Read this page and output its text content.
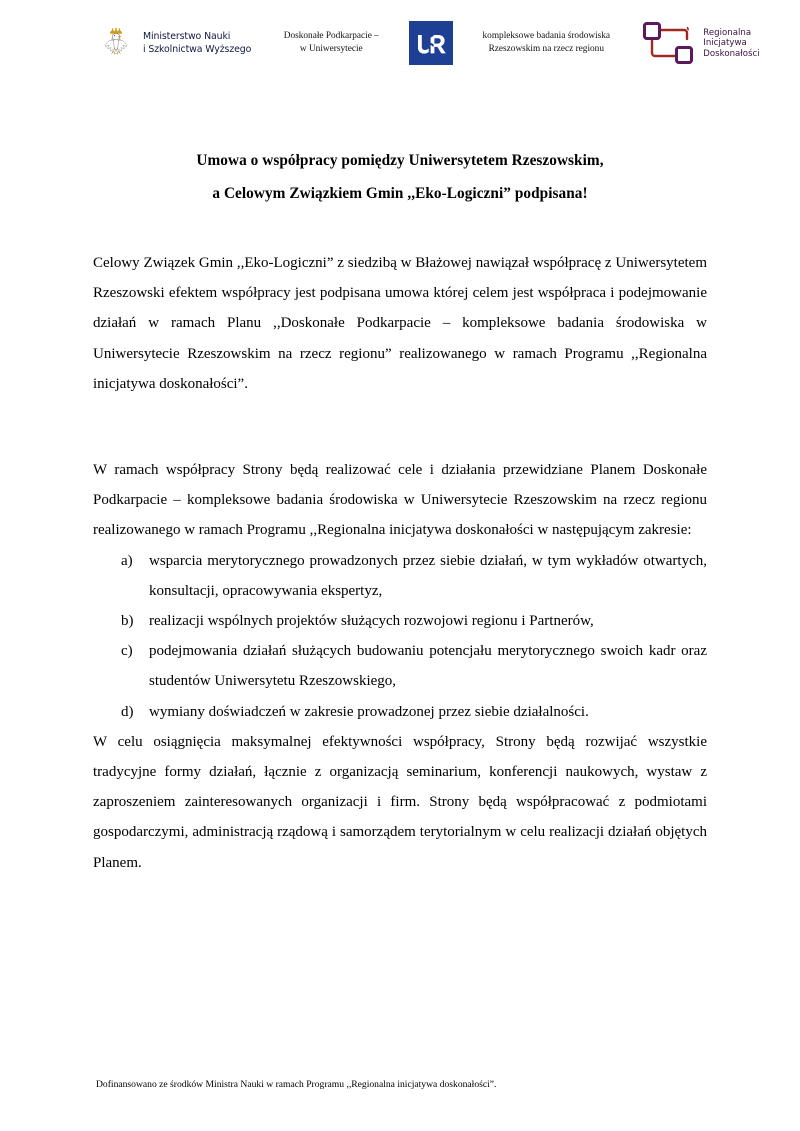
Ministerstwo Nauki
i Szkolnictwa Wyższego
Doskonałe Podkarpacie –
w Uniwersytecie
kompleksowe badania środowiska
Rzeszowskim na rzecz regionu
Regionalna
Inicjatywa
Doskonałości
Umowa o współpracy pomiędzy Uniwersytetem Rzeszowskim,
a Celowym Związkiem Gmin ,,Eko-Logiczni” podpisana!

Celowy Związek Gmin ,,Eko-Logiczni” z siedzibą w Błażowej nawiązał współpracę z Uniwersytetem Rzeszowski efektem współpracy jest podpisana umowa której celem jest współpraca i podejmowanie działań w ramach Planu ,,Doskonałe Podkarpacie – kompleksowe badania środowiska w Uniwersytecie Rzeszowskim na rzecz regionu” realizowanego w ramach Programu ,,Regionalna inicjatywa doskonałości”.

W ramach współpracy Strony będą realizować cele i działania przewidziane Planem Doskonałe Podkarpacie – kompleksowe badania środowiska w Uniwersytecie Rzeszowskim na rzecz regionu realizowanego w ramach Programu ,,Regionalna inicjatywa doskonałości w następującym zakresie:

a)	wsparcia merytorycznego prowadzonych przez siebie działań, w tym wykładów otwartych, konsultacji, opracowywania ekspertyz,
b)	realizacji wspólnych projektów służących rozwojowi regionu i Partnerów,
c)	podejmowania działań służących budowaniu potencjału merytorycznego swoich kadr oraz studentów Uniwersytetu Rzeszowskiego,
d)	wymiany doświadczeń w zakresie prowadzonej przez siebie działalności.

W celu osiągnięcia maksymalnej efektywności współpracy, Strony będą rozwijać wszystkie tradycyjne formy działań, łącznie z organizacją seminarium, konferencji naukowych, wystaw z zaproszeniem zainteresowanych organizacji i firm. Strony będą współpracować z podmiotami gospodarczymi, administracją rządową i samorządem terytorialnym w celu realizacji działań objętych Planem.

Dofinansowano ze środków Ministra Nauki w ramach Programu ,,Regionalna inicjatywa doskonałości”.
